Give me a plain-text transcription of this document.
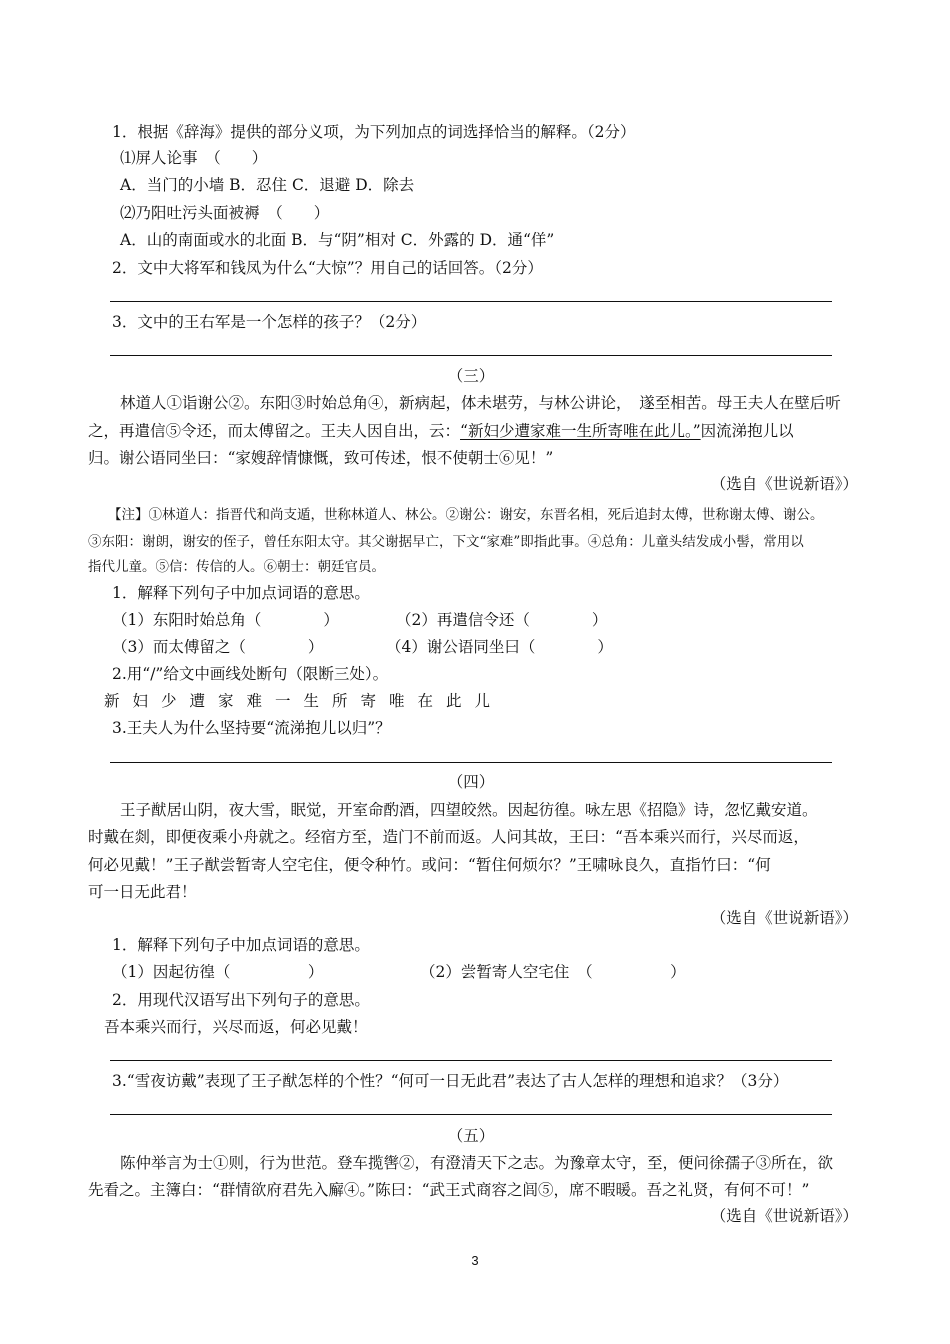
1．根据《辞海》提供的部分义项，为下列加点的词选择恰当的解释。（2分）
⑴屏人论事　（　　）
A．当门的小墙 B．忍住 C．退避 D．除去
⑵乃阳吐污头面被褥　（　　）
A．山的南面或水的北面 B．与“阴”相对 C．外露的 D．通“佯”
2．文中大将军和钱凤为什么“大惊”？用自己的话回答。（2分）
3．文中的王右军是一个怎样的孩子？（2分）
（三）
林道人①诣谢公②。东阳③时始总角④，新病起，体未堪劳，与林公讲论，　遂至相苦。母王夫人在壁后听
之，再遣信⑤令还，而太傅留之。王夫人因自出，云：“新妇少遭家难一生所寄唯在此儿。”因流涕抱儿以
归。谢公语同坐曰：“家嫂辞情慷慨，致可传述，恨不使朝士⑥见！”
（选自《世说新语》）
【注】①林道人：指晋代和尚支遁，世称林道人、林公。②谢公：谢安，东晋名相，死后追封太傅，世称谢太傅、谢公。
③东阳：谢朗，谢安的侄子，曾任东阳太守。其父谢据早亡，下文“家难”即指此事。④总角：儿童头结发成小髻，常用以
指代儿童。⑤信：传信的人。⑥朝士：朝廷官员。
1．解释下列句子中加点词语的意思。
（1）东阳时始总角（　　　　）	（2）再遣信令还（　　　　）
（3）而太傅留之（　　　　）	（4）谢公语同坐曰（　　　　）
2.用“/”给文中画线处断句（限断三处）。
新妇少遭家难一生所寄唯在此儿
3.王夫人为什么坚持要“流涕抱儿以归”？
（四）
王子猷居山阴，夜大雪，眠觉，开室命酌酒，四望皎然。因起彷徨。咏左思《招隐》诗，忽忆戴安道。
时戴在剡，即便夜乘小舟就之。经宿方至，造门不前而返。人问其故，王曰：“吾本乘兴而行，兴尽而返，
何必见戴！”王子猷尝暂寄人空宅住，便令种竹。或问：“暂住何烦尔？”王啸咏良久，直指竹曰：“何
可一日无此君！
（选自《世说新语》）
1．解释下列句子中加点词语的意思。
（1）因起彷徨（　　　　　）	（2）尝暂寄人空宅住　（　　　　　）
2．用现代汉语写出下列句子的意思。
吾本乘兴而行，兴尽而返，何必见戴！
3.“雪夜访戴”表现了王子猷怎样的个性？“何可一日无此君”表达了古人怎样的理想和追求？（3分）
（五）
陈仲举言为士①则，行为世范。登车揽辔②，有澄清天下之志。为豫章太守，至，便问徐孺子③所在，欲
先看之。主簿白：“群情欲府君先入廨④。”陈曰：“武王式商容之闾⑤，席不暇暖。吾之礼贤，有何不可！”
（选自《世说新语》）
3
